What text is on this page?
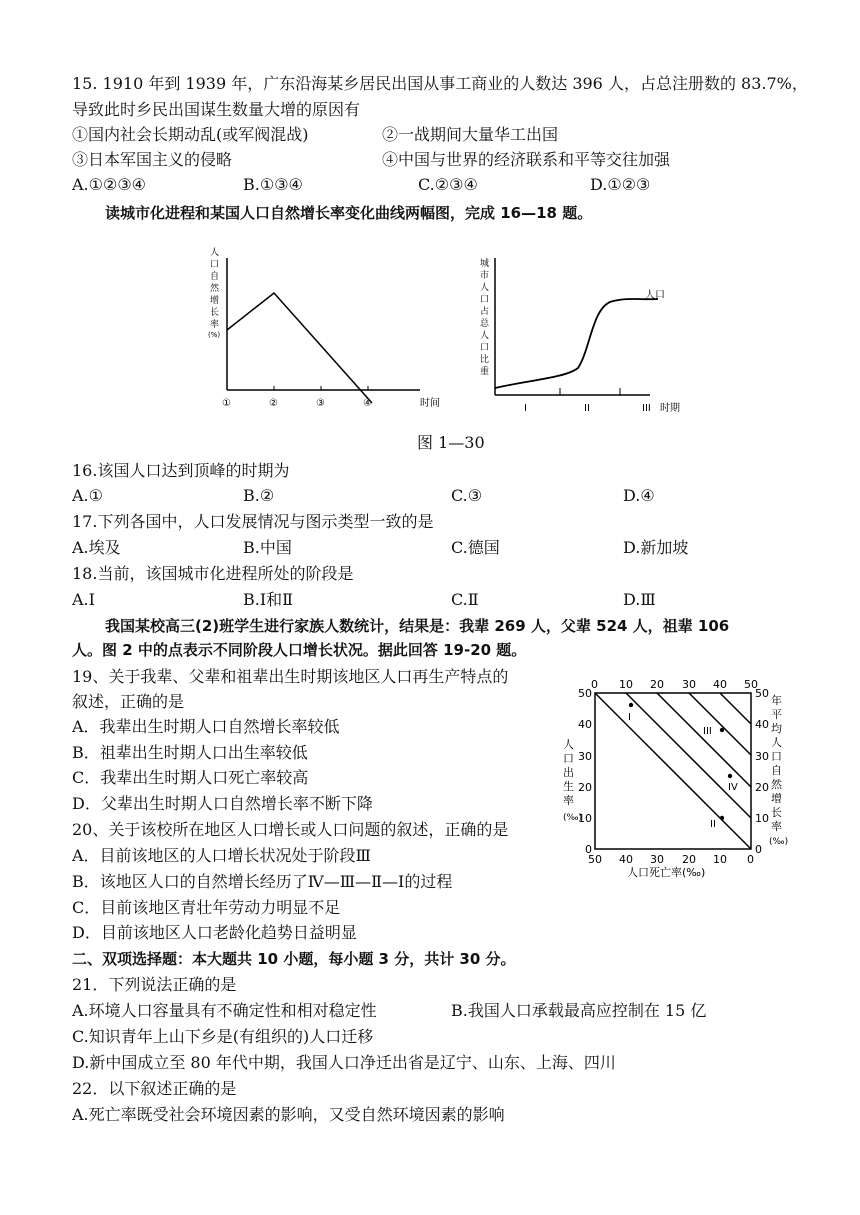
15. 1910 年到 1939 年，广东沿海某乡居民出国从事工商业的人数达 396 人，占总注册数的 83.7%，
导致此时乡民出国谋生数量大增的原因有
①国内社会长期动乱(或军阀混战)	②一战期间大量华工出国
③日本军国主义的侵略	④中国与世界的经济联系和平等交往加强
A.①②③④	B.①③④	C.②③④	D.①②③
读城市化进程和某国人口自然增长率变化曲线两幅图，完成 16—18 题。
人
口
自
然
增
长
率
(%)
①	②	③	④	时间
城
市
人
口
占
总
人
口
比
重
人口
I	II	III 时期
图 1—30
16.该国人口达到顶峰的时期为
A.①	B.②	C.③	D.④
17.下列各国中，人口发展情况与图示类型一致的是
A.埃及	B.中国	C.德国	D.新加坡
18.当前，该国城市化进程所处的阶段是
A.Ⅰ	B.Ⅰ和Ⅱ	C.Ⅱ	D.Ⅲ
我国某校高三(2)班学生进行家族人数统计，结果是：我辈 269 人，父辈 524 人，祖辈 106
人。图 2 中的点表示不同阶段人口增长状况。据此回答 19-20 题。
19、关于我辈、父辈和祖辈出生时期该地区人口再生产特点的
叙述，正确的是
A．我辈出生时期人口自然增长率较低
B．祖辈出生时期人口出生率较低
C．我辈出生时期人口死亡率较高
D．父辈出生时期人口自然增长率不断下降
20、关于该校所在地区人口增长或人口问题的叙述，正确的是
A．目前该地区的人口增长状况处于阶段Ⅲ
B．该地区人口的自然增长经历了Ⅳ—Ⅲ—Ⅱ—Ⅰ的过程
C．目前该地区青壮年劳动力明显不足
D．目前该地区人口老龄化趋势日益明显
0 10 20 30 40 50
50 40 30 20 10 0
50
40
30
20
10
0
50
40
30
20
10
0
人
口
出
生
率
(‰)
年
平
均
人
口
自
然
增
长
率
(‰)
人口死亡率(‰)
I
III
IV
II
二、双项选择题：本大题共 10 小题，每小题 3 分，共计 30 分。
21．下列说法正确的是
A.环境人口容量具有不确定性和相对稳定性	B.我国人口承载最高应控制在 15 亿
C.知识青年上山下乡是(有组织的)人口迁移
D.新中国成立至 80 年代中期，我国人口净迁出省是辽宁、山东、上海、四川
22．以下叙述正确的是
A.死亡率既受社会环境因素的影响，又受自然环境因素的影响
